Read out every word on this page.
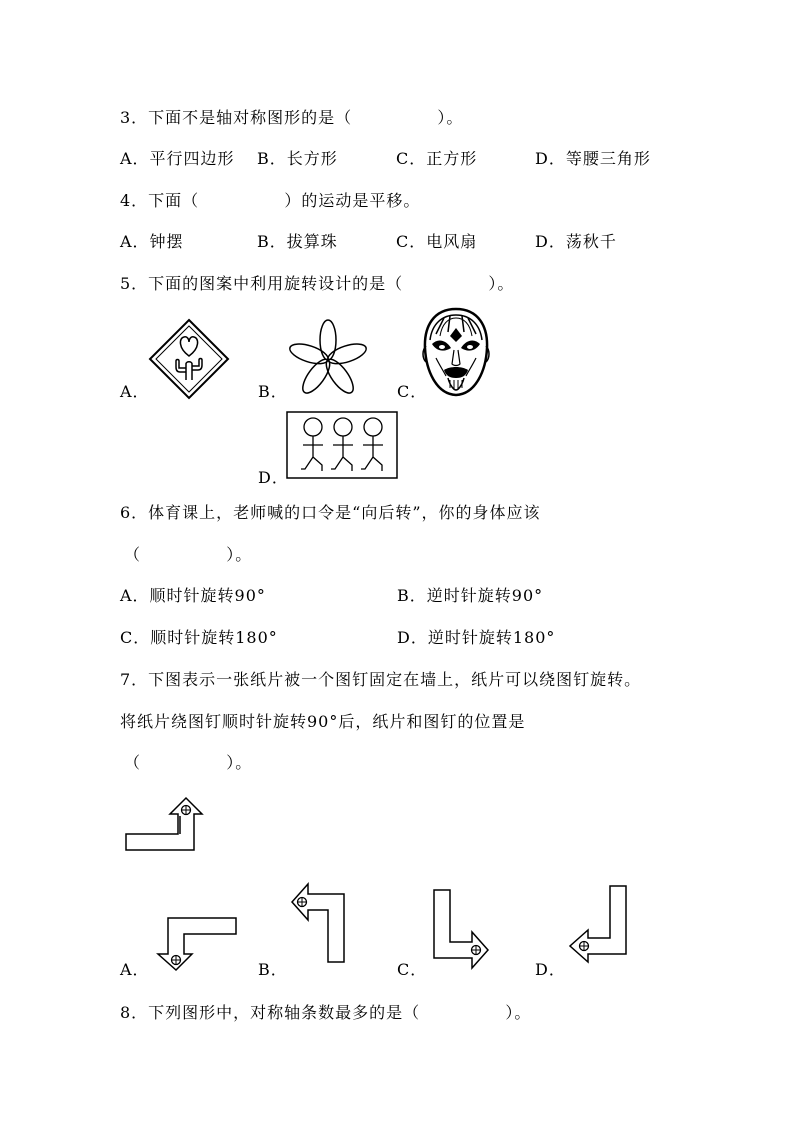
3．下面不是轴对称图形的是（              ）。
A．平行四边形 B．长方形	C．正方形	D．等腰三角形
4．下面（              ）的运动是平移。
A．钟摆	B．拔算珠	C．电风扇	D．荡秋千
5．下面的图案中利用旋转设计的是（              ）。
A．	B．	C．
D．
6．体育课上，老师喊的口令是“向后转”，你的身体应该
（              ）。
A．顺时针旋转90°	B．逆时针旋转90°
C．顺时针旋转180°	D．逆时针旋转180°
7．下图表示一张纸片被一个图钉固定在墙上，纸片可以绕图钉旋转。
将纸片绕图钉顺时针旋转90°后，纸片和图钉的位置是
（              ）。
A．	B．	C．	D．
8．下列图形中，对称轴条数最多的是（              ）。
